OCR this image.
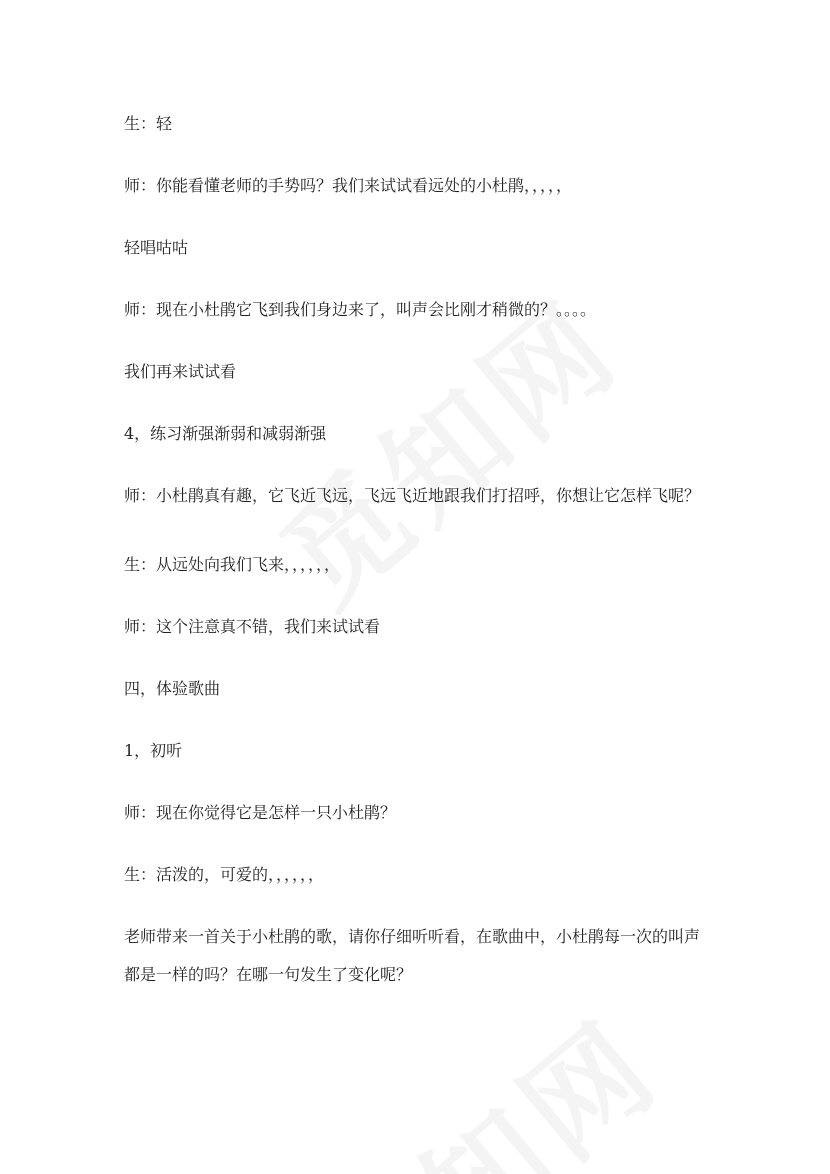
生：轻

师：你能看懂老师的手势吗？我们来试试看远处的小杜鹃，，，，，

轻唱咕咕

师：现在小杜鹃它飞到我们身边来了，叫声会比刚才稍微的？。。。。

我们再来试试看

4，练习渐强渐弱和减弱渐强

师：小杜鹃真有趣，它飞近飞远，飞远飞近地跟我们打招呼，你想让它怎样飞呢？

生：从远处向我们飞来，，，，，，

师：这个注意真不错，我们来试试看

四，体验歌曲

1，初听

师：现在你觉得它是怎样一只小杜鹃？

生：活泼的，可爱的，，，，，，

老师带来一首关于小杜鹃的歌，请你仔细听听看，在歌曲中，小杜鹃每一次的叫声都是一样的吗？在哪一句发生了变化呢？
